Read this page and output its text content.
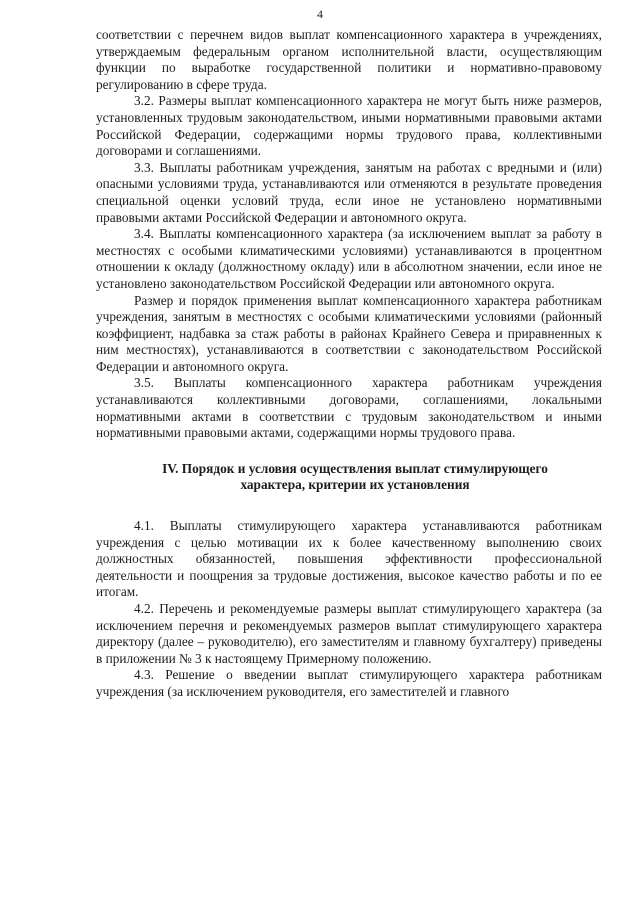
4

соответствии с перечнем видов выплат компенсационного характера в учреждениях, утверждаемым федеральным органом исполнительной власти, осуществляющим функции по выработке государственной политики и нормативно-правовому регулированию в сфере труда.

3.2. Размеры выплат компенсационного характера не могут быть ниже размеров, установленных трудовым законодательством, иными нормативными правовыми актами Российской Федерации, содержащими нормы трудового права, коллективными договорами и соглашениями.

3.3. Выплаты работникам учреждения, занятым на работах с вредными и (или) опасными условиями труда, устанавливаются или отменяются в результате проведения специальной оценки условий труда, если иное не установлено нормативными правовыми актами Российской Федерации и автономного округа.

3.4. Выплаты компенсационного характера (за исключением выплат за работу в местностях с особыми климатическими условиями) устанавливаются в процентном отношении к окладу (должностному окладу) или в абсолютном значении, если иное не установлено законодательством Российской Федерации или автономного округа.

Размер и порядок применения выплат компенсационного характера работникам учреждения, занятым в местностях с особыми климатическими условиями (районный коэффициент, надбавка за стаж работы в районах Крайнего Севера и приравненных к ним местностях), устанавливаются в соответствии с законодательством Российской Федерации и автономного округа.

3.5. Выплаты компенсационного характера работникам учреждения устанавливаются коллективными договорами, соглашениями, локальными нормативными актами в соответствии с трудовым законодательством и иными нормативными правовыми актами, содержащими нормы трудового права.

IV. Порядок и условия осуществления выплат стимулирующего характера, критерии их установления

4.1. Выплаты стимулирующего характера устанавливаются работникам учреждения с целью мотивации их к более качественному выполнению своих должностных обязанностей, повышения эффективности профессиональной деятельности и поощрения за трудовые достижения, высокое качество работы и по ее итогам.

4.2. Перечень и рекомендуемые размеры выплат стимулирующего характера (за исключением перечня и рекомендуемых размеров выплат стимулирующего характера директору (далее – руководителю), его заместителям и главному бухгалтеру) приведены в приложении № 3 к настоящему Примерному положению.

4.3. Решение о введении выплат стимулирующего характера работникам учреждения (за исключением руководителя, его заместителей и главного
